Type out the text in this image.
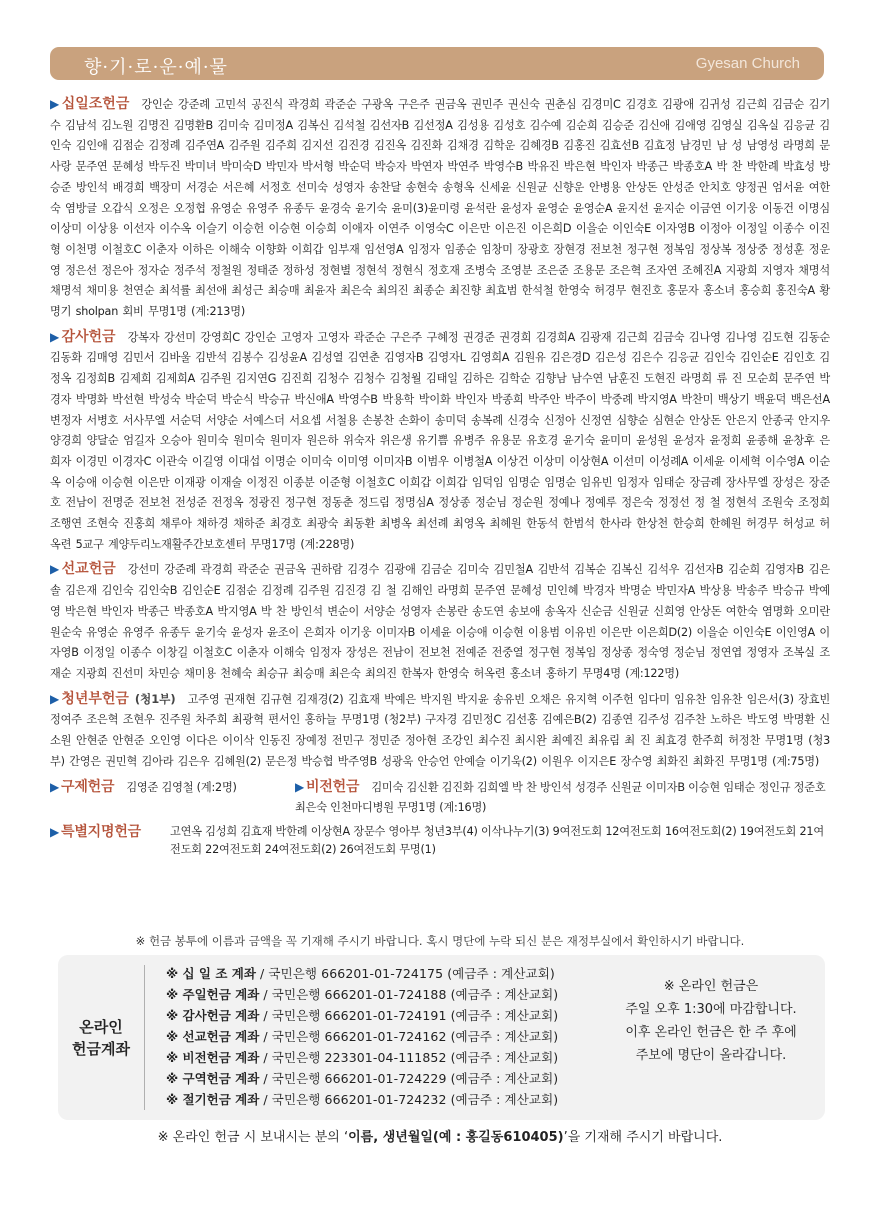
향·기·로·운·예·물	Gyesan Church
▶ 십일조헌금 강인순 강준례 고민석 공진식 곽경희 곽준순 구광옥 구은주 권금옥 권민주 권신숙 권춘심 김경미C 김경호 김광애 김귀성 김근희 김금순 김기수 김남석 김노원 김명진 김명환B 김미숙 김미정A 김복신 김석철 김선자B 김선정A 김성용 김성호 김수예 김순희 김승준 김신애 김애영 김영실 김옥실 김응균 김인숙 김인애 김점순 김정례 김주연A 김주원 김주희 김지선 김진경 김진옥 김진화 김채경 김학운 김혜경B 김홍진 김효선B 김효정 남경민 남 성 남영성 라명희 문사랑 문주연 문혜성 박두진 박미녀 박미숙D 박민자 박서형 박순덕 박승자 박연자 박연주 박영수B 박유진 박은현 박인자 박종근 박종호A 박 찬 박한례 박효성 방승준 방인석 배경희 백장미 서경순 서은혜 서정호 선미숙 성영자 송찬달 송현숙 송형옥 신세윤 신원균 신향운 안병용 안상돈 안성준 안치호 양정권 엄서윤 여한숙 염방글 오갑식 오정은 오정협 유영순 유영주 유종두 윤경숙 윤기숙 윤미(3)윤미령 윤석란 윤성자 윤영순 윤영순A 윤지선 윤지순 이금연 이기웅 이동건 이명심 이상미 이상용 이선자 이수옥 이슬기 이승헌 이승현 이승희 이애자 이연주 이영숙C 이은만 이은진 이은희D 이을순 이인숙E 이자영B 이정아 이정일 이종수 이진형 이천명 이철호C 이춘자 이하은 이해숙 이향화 이희갑 임부재 임선영A 임정자 임종순 임창미 장광호 장현경 전보천 정구현 정복임 정상복 정상중 정성훈 정운영 정은선 정은아 정자순 정주석 정철원 정태준 정하성 정현별 정현석 정현식 정호재 조병숙 조영분 조은준 조용문 조은혁 조자연 조혜진A 지광희 지영자 채명석 채명석 채미용 천연순 최석률 최선애 최성근 최승매 최윤자 최은숙 최의진 최종순 최진향 최효범 한석철 한영숙 허경무 현진호 홍문자 홍소녀 홍승희 홍진숙A 황명기 sholpan 회비 무명1명 (계:213명)
▶ 감사헌금 강복자 강선미 강영희C 강인순 고영자 고영자 곽준순 구은주 구혜정 권경준 권경희 김경희A 김광재 김근희 김금숙 김나영 김나영 김도현 김동순 김동화 김매영 김민서 김바울 김반석 김봉수 김성윤A 김성열 김연춘 김영자B 김영자L 김영희A 김원유 김은경D 김은성 김은수 김응균 김인숙 김인순E 김인호 김정옥 김정희B 김제희 김제희A 김주원 김지연G 김진희 김청수 김청수 김청월 김태일 김하은 김학순 김향남 남수연 남훈진 도현진 라명희 류 진 모순희 문주연 박경자 박명화 박선현 박성숙 박순덕 박순식 박승규 박신애A 박영수B 박용학 박이화 박인자 박종희 박주안 박주이 박중례 박지영A 박찬미 백상기 백윤덕 백은선A 변정자 서병호 서사무엘 서순덕 서양순 서예스더 서요셉 서철용 손봉찬 손화이 송미덕 송복례 신경숙 신정아 신정연 심향순 심현순 안상돈 안은지 안종국 안지우 양경희 양달순 엄길자 오승아 원미숙 원미숙 원미자 원은하 위숙자 위은생 유기쁨 유병주 유용문 유호경 윤기숙 윤미미 윤성원 윤성자 윤정희 윤종해 윤창후 은희자 이경민 이경자C 이관숙 이길영 이대섭 이명순 이미숙 이미영 이미자B 이범우 이병철A 이상건 이상미 이상현A 이선미 이성례A 이세윤 이세혁 이수영A 이순옥 이승애 이승현 이은만 이재광 이재술 이정진 이종분 이준형 이철호C 이희갑 이희갑 임덕임 임명순 임명순 임유빈 임정자 임태순 장금례 장사무엘 장성은 장준호 전남이 전명준 전보천 전성준 전정옥 정광진 정구현 정동춘 정드림 정명심A 정상종 정순님 정순원 정예나 정예루 정은숙 정정선 정 철 정현석 조원숙 조정희 조행연 조현숙 진홍희 채루아 채하경 채하준 최경호 최광숙 최동환 최병옥 최선례 최영옥 최혜원 한동석 한범석 한사라 한상천 한승희 한혜원 허경무 허성교 허옥련 5교구 계양두리노재활주간보호센터 무명17명 (계:228명)
▶ 선교헌금 강선미 강준례 곽경희 곽준순 권금옥 권하람 김경수 김광애 김금순 김미숙 김민철A 김반석 김복순 김복신 김석우 김선자B 김순희 김영자B 김은솔 김은재 김인숙 김인숙B 김인순E 김점순 김정례 김주원 김진경 김 철 김해인 라명희 문주연 문혜성 민인혜 박경자 박명순 박민자A 박상용 박송주 박승규 박예영 박은현 박인자 박종근 박종호A 박지영A 박 찬 방인석 변순이 서양순 성영자 손봉란 송도연 송보애 송옥자 신순금 신원균 신희영 안상돈 여한숙 염명화 오미란 원순숙 유영순 유영주 유종두 윤기숙 윤성자 윤조이 은희자 이기웅 이미자B 이세윤 이승애 이승현 이용범 이유빈 이은만 이은희D(2) 이을순 이인숙E 이인영A 이자영B 이정일 이종수 이창길 이철호C 이춘자 이해숙 임정자 장성은 전남이 전보천 전예준 전중열 정구현 정복임 정상종 정숙영 정순님 정연엽 정영자 조복실 조재순 지광희 진선미 차민승 채미용 천혜숙 최승규 최승매 최은숙 최의진 한복자 한영숙 허옥련 홍소녀 홍하기 무명4명 (계:122명)
▶ 청년부헌금 (청1부) 고주영 권재현 김규현 김재경(2) 김효재 박예은 박지원 박지윤 송유빈 오채은 유지혁 이주헌 임다미 임유찬 임유찬 임은서(3) 장효빈 정여주 조은혁 조현우 진주원 차주희 최광혁 편서인 홍하늘 무명1명 (청2부) 구자경 김민정C 김선홍 김예은B(2) 김종연 김주성 김주찬 노하은 박도영 박명환 신소원 안현준 안현준 오인영 이다은 이이삭 인동진 장예정 전민구 정민준 정아현 조강인 최수진 최시완 최예진 최유림 최 진 최효경 한주희 허정찬 무명1명 (청3부) 간영은 권민혁 김아라 김은우 김혜원(2) 문은정 박승협 박주영B 성광욱 안승언 안예슬 이기욱(2) 이원우 이지은E 장수영 최화진 최화진 무명1명 (계:75명)
▶ 구제헌금 김영준 김영철 (계:2명)	▶ 비전헌금 김미숙 김신환 김진화 김희엘 박 찬 방인석 성경주 신원균 이미자B 이승현 임태순 정인규 정준호 최은숙 인천마디병원 무명1명 (계:16명)
▶ 특별지명헌금	고연옥 김성희 김효재 박한례 이상현A 장문수 영아부 청년3부(4) 이삭나누기(3) 9여전도회 12여전도회 16여전도회(2) 19여전도회 21여전도회 22여전도회 24여전도회(2) 26여전도회 무명(1)
※ 헌금 봉투에 이름과 금액을 꼭 기재해 주시기 바랍니다. 혹시 명단에 누락 되신 분은 재정부실에서 확인하시기 바랍니다.
온라인
헌금계좌
※ 십 일 조 계좌 / 국민은행 666201-01-724175 (예금주 : 계산교회)
※ 주일헌금 계좌 / 국민은행 666201-01-724188 (예금주 : 계산교회)
※ 감사헌금 계좌 / 국민은행 666201-01-724191 (예금주 : 계산교회)
※ 선교헌금 계좌 / 국민은행 666201-01-724162 (예금주 : 계산교회)
※ 비전헌금 계좌 / 국민은행 223301-04-111852 (예금주 : 계산교회)
※ 구역헌금 계좌 / 국민은행 666201-01-724229 (예금주 : 계산교회)
※ 절기헌금 계좌 / 국민은행 666201-01-724232 (예금주 : 계산교회)
※ 온라인 헌금은
주일 오후 1:30에 마감합니다.
이후 온라인 헌금은 한 주 후에
주보에 명단이 올라갑니다.
※ 온라인 헌금 시 보내시는 분의 ‘이름, 생년월일(예 : 홍길동610405)’을 기재해 주시기 바랍니다.
